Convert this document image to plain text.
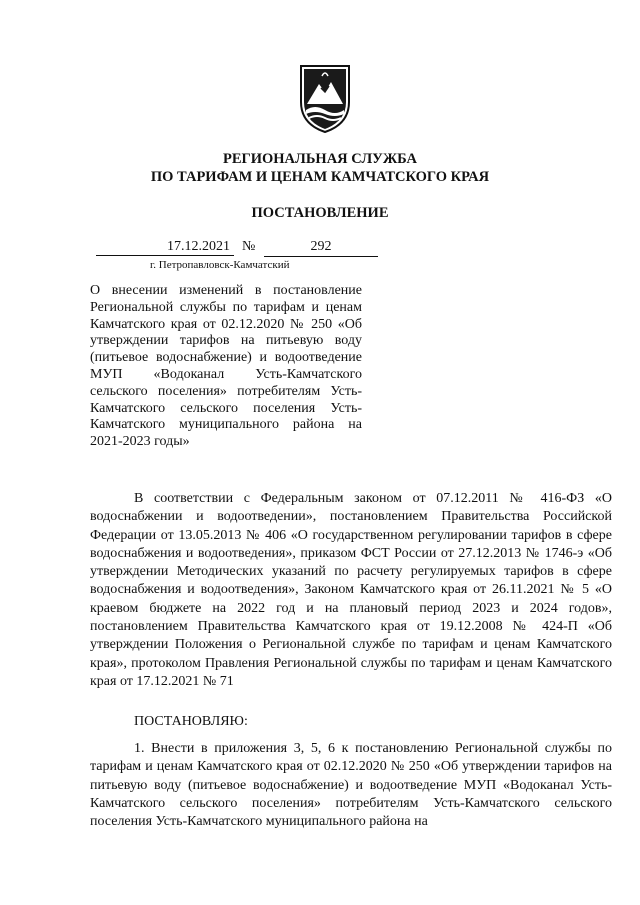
РЕГИОНАЛЬНАЯ СЛУЖБА
ПО ТАРИФАМ И ЦЕНАМ КАМЧАТСКОГО КРАЯ
ПОСТАНОВЛЕНИЕ
17.12.2021 №	292
г. Петропавловск-Камчатский
О внесении изменений в постановление Региональной службы по тарифам и ценам Камчатского края от 02.12.2020 № 250 «Об утверждении тарифов на питьевую воду (питьевое водоснабжение) и водоотведение МУП «Водоканал Усть-Камчатского сельского поселения» потребителям Усть-Камчатского сельского поселения Усть-Камчатского муниципального района на 2021-2023 годы»
В соответствии с Федеральным законом от 07.12.2011 № 416-ФЗ «О водоснабжении и водоотведении», постановлением Правительства Российской Федерации от 13.05.2013 № 406 «О государственном регулировании тарифов в сфере водоснабжения и водоотведения», приказом ФСТ России от 27.12.2013 № 1746-э «Об утверждении Методических указаний по расчету регулируемых тарифов в сфере водоснабжения и водоотведения», Законом Камчатского края от 26.11.2021 № 5 «О краевом бюджете на 2022 год и на плановый период 2023 и 2024 годов», постановлением Правительства Камчатского края от 19.12.2008 № 424-П «Об утверждении Положения о Региональной службе по тарифам и ценам Камчатского края», протоколом Правления Региональной службы по тарифам и ценам Камчатского края от 17.12.2021 № 71
ПОСТАНОВЛЯЮ:
1. Внести в приложения 3, 5, 6 к постановлению Региональной службы по тарифам и ценам Камчатского края от 02.12.2020 № 250 «Об утверждении тарифов на питьевую воду (питьевое водоснабжение) и водоотведение МУП «Водоканал Усть-Камчатского сельского поселения» потребителям Усть-Камчатского сельского поселения Усть-Камчатского муниципального района на
